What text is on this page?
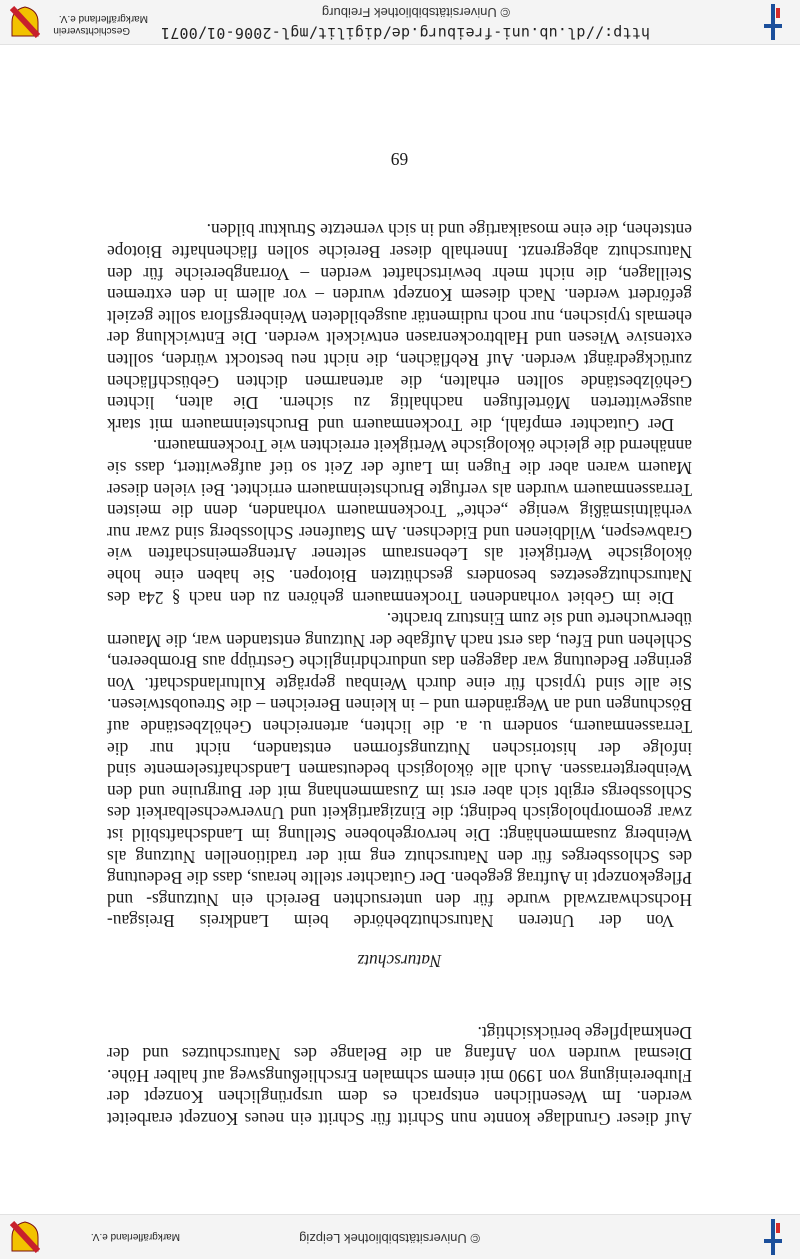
© Universitätsbibliothek Leipzig
Markgräflerland e.V.

Auf dieser Grundlage konnte nun Schritt für Schritt ein neues Konzept erarbeitet werden. Im Wesentlichen entsprach es dem ursprünglichen Konzept der Flurbereinigung von 1990 mit einem schmalen Erschließungsweg auf halber Höhe. Diesmal wurden von Anfang an die Belange des Naturschutzes und der Denkmalpflege berücksichtigt.

Naturschutz

Von der Unteren Naturschutzbehörde beim Landkreis Breisgau-Hochschwarzwald wurde für den untersuchten Bereich ein Nutzungs- und Pflegekonzept in Auftrag gegeben. Der Gutachter stellte heraus, dass die Bedeutung des Schlossberges für den Naturschutz eng mit der traditionellen Nutzung als Weinberg zusammenhängt: Die hervorgehobene Stellung im Landschaftsbild ist zwar geomorphologisch bedingt; die Einzigartigkeit und Unverwechselbarkeit des Schlossbergs ergibt sich aber erst im Zusammenhang mit der Burgruine und den Weinbergterrassen. Auch alle ökologisch bedeutsamen Landschaftselemente sind infolge der historischen Nutzungsformen entstanden, nicht nur die Terrassenmauern, sondern u. a. die lichten, artenreichen Gehölzbestände auf Böschungen und an Wegrändern und – in kleinen Bereichen – die Streuobstwiesen. Sie alle sind typisch für eine durch Weinbau geprägte Kulturlandschaft. Von geringer Bedeutung war dagegen das undurchdringliche Gestrüpp aus Brombeeren, Schlehen und Efeu, das erst nach Aufgabe der Nutzung entstanden war, die Mauern überwucherte und sie zum Einsturz brachte.

Die im Gebiet vorhandenen Trockenmauern gehören zu den nach § 24a des Naturschutzgesetzes besonders geschützten Biotopen. Sie haben eine hohe ökologische Wertigkeit als Lebensraum seltener Artengemeinschaften wie Grabwespen, Wildbienen und Eidechsen. Am Staufener Schlossberg sind zwar nur verhältnismäßig wenige „echte“ Trockenmauern vorhanden, denn die meisten Terrassenmauern wurden als verfugte Bruchsteinmauern errichtet. Bei vielen dieser Mauern waren aber die Fugen im Laufe der Zeit so tief aufgewittert, dass sie annähernd die gleiche ökologische Wertigkeit erreichten wie Trockenmauern.

Der Gutachter empfahl, die Trockenmauern und Bruchsteinmauern mit stark ausgewitterten Mörtelfugen nachhaltig zu sichern. Die alten, lichten Gehölzbestände sollten erhalten, die artenarmen dichten Gebüschflächen zurückgedrängt werden. Auf Rebflächen, die nicht neu bestockt würden, sollten extensive Wiesen und Halbtrockenrasen entwickelt werden. Die Entwicklung der ehemals typischen, nur noch rudimentär ausgebildeten Weinbergsflora sollte gezielt gefördert werden. Nach diesem Konzept wurden – vor allem in den extremen Steillagen, die nicht mehr bewirtschaftet werden – Vorrangbereiche für den Naturschutz abgegrenzt. Innerhalb dieser Bereiche sollen flächenhafte Biotope entstehen, die eine mosaikartige und in sich vernetzte Struktur bilden.

69

http://dl.ub.uni-freiburg.de/digilit/mgl-2006-01/0071
© Universitätsbibliothek Freiburg
Geschichtsverein
Markgräflerland e.V.
